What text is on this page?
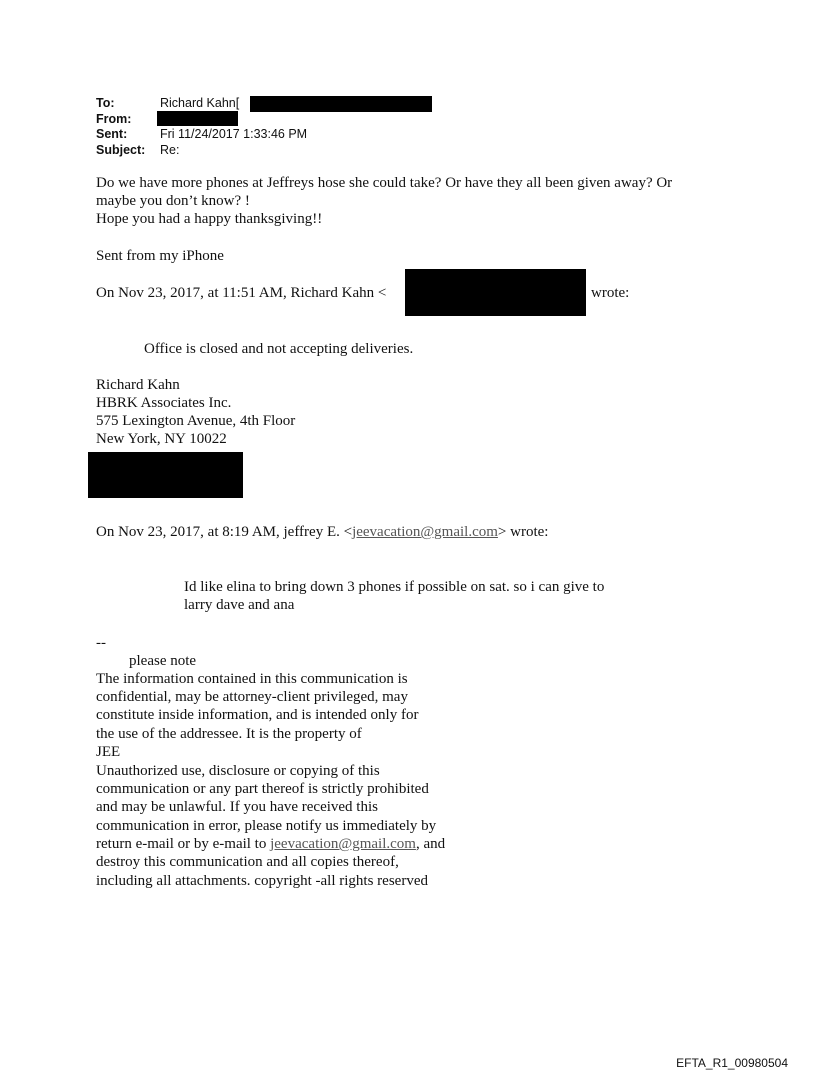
To:	Richard Kahn[
From:
Sent:	Fri 11/24/2017 1:33:46 PM
Subject: Re:
Do we have more phones at Jeffreys hose she could take? Or have they all been given away? Or
maybe you don’t know? !
Hope you had a happy thanksgiving!!
Sent from my iPhone
On Nov 23, 2017, at 11:51 AM, Richard Kahn <	wrote:
Office is closed and not accepting deliveries.
Richard Kahn
HBRK Associates Inc.
575 Lexington Avenue, 4th Floor
New York, NY 10022
On Nov 23, 2017, at 8:19 AM, jeffrey E. <jeevacation@gmail.com> wrote:
Id like elina to bring down 3 phones if possible on sat. so i can give to
larry dave and ana
--
please note
The information contained in this communication is
confidential, may be attorney-client privileged, may
constitute inside information, and is intended only for
the use of the addressee. It is the property of
JEE
Unauthorized use, disclosure or copying of this
communication or any part thereof is strictly prohibited
and may be unlawful. If you have received this
communication in error, please notify us immediately by
return e-mail or by e-mail to jeevacation@gmail.com, and
destroy this communication and all copies thereof,
including all attachments. copyright -all rights reserved
EFTA_R1_00980504
